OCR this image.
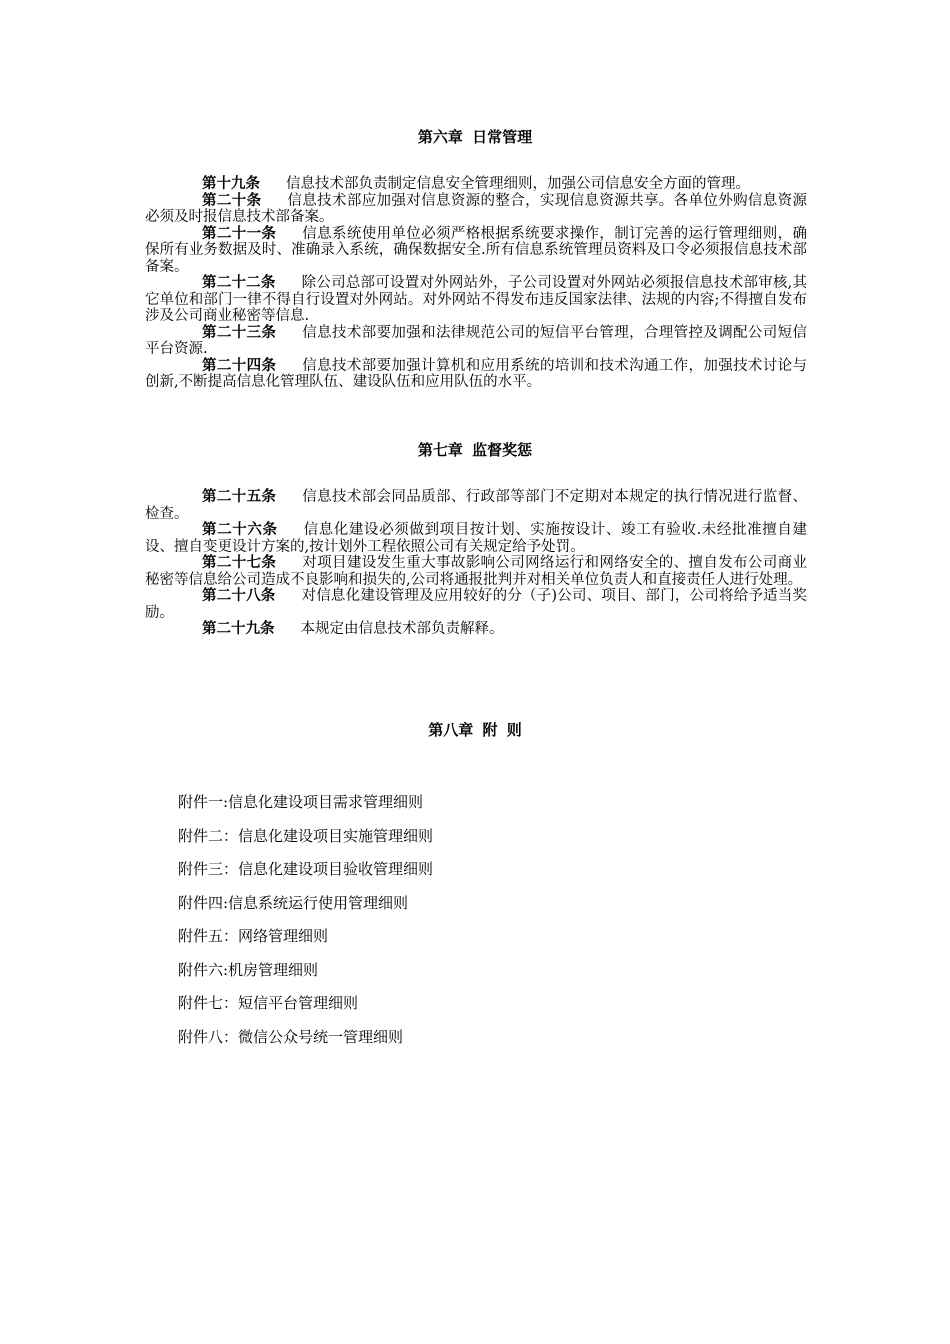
第六章 日常管理

第十九条 信息技术部负责制定信息安全管理细则，加强公司信息安全方面的管理。

第二十条 信息技术部应加强对信息资源的整合，实现信息资源共享。各单位外购信息资源必须及时报信息技术部备案。

第二十一条 信息系统使用单位必须严格根据系统要求操作，制订完善的运行管理细则，确保所有业务数据及时、准确录入系统，确保数据安全.所有信息系统管理员资料及口令必须报信息技术部备案。

第二十二条 除公司总部可设置对外网站外，子公司设置对外网站必须报信息技术部审核,其它单位和部门一律不得自行设置对外网站。对外网站不得发布违反国家法律、法规的内容;不得擅自发布涉及公司商业秘密等信息.

第二十三条 信息技术部要加强和法律规范公司的短信平台管理，合理管控及调配公司短信平台资源.

第二十四条 信息技术部要加强计算机和应用系统的培训和技术沟通工作，加强技术讨论与创新,不断提高信息化管理队伍、建设队伍和应用队伍的水平。

第七章 监督奖惩

第二十五条 信息技术部会同品质部、行政部等部门不定期对本规定的执行情况进行监督、检查。

第二十六条 信息化建设必须做到项目按计划、实施按设计、竣工有验收.未经批准擅自建设、擅自变更设计方案的,按计划外工程依照公司有关规定给予处罚。

第二十七条 对项目建设发生重大事故影响公司网络运行和网络安全的、擅自发布公司商业秘密等信息给公司造成不良影响和损失的,公司将通报批判并对相关单位负责人和直接责任人进行处理。

第二十八条 对信息化建设管理及应用较好的分（子)公司、项目、部门，公司将给予适当奖励。

第二十九条 本规定由信息技术部负责解释。

第八章 附 则

附件一:信息化建设项目需求管理细则

附件二：信息化建设项目实施管理细则

附件三：信息化建设项目验收管理细则

附件四:信息系统运行使用管理细则

附件五：网络管理细则

附件六:机房管理细则

附件七：短信平台管理细则

附件八：微信公众号统一管理细则
